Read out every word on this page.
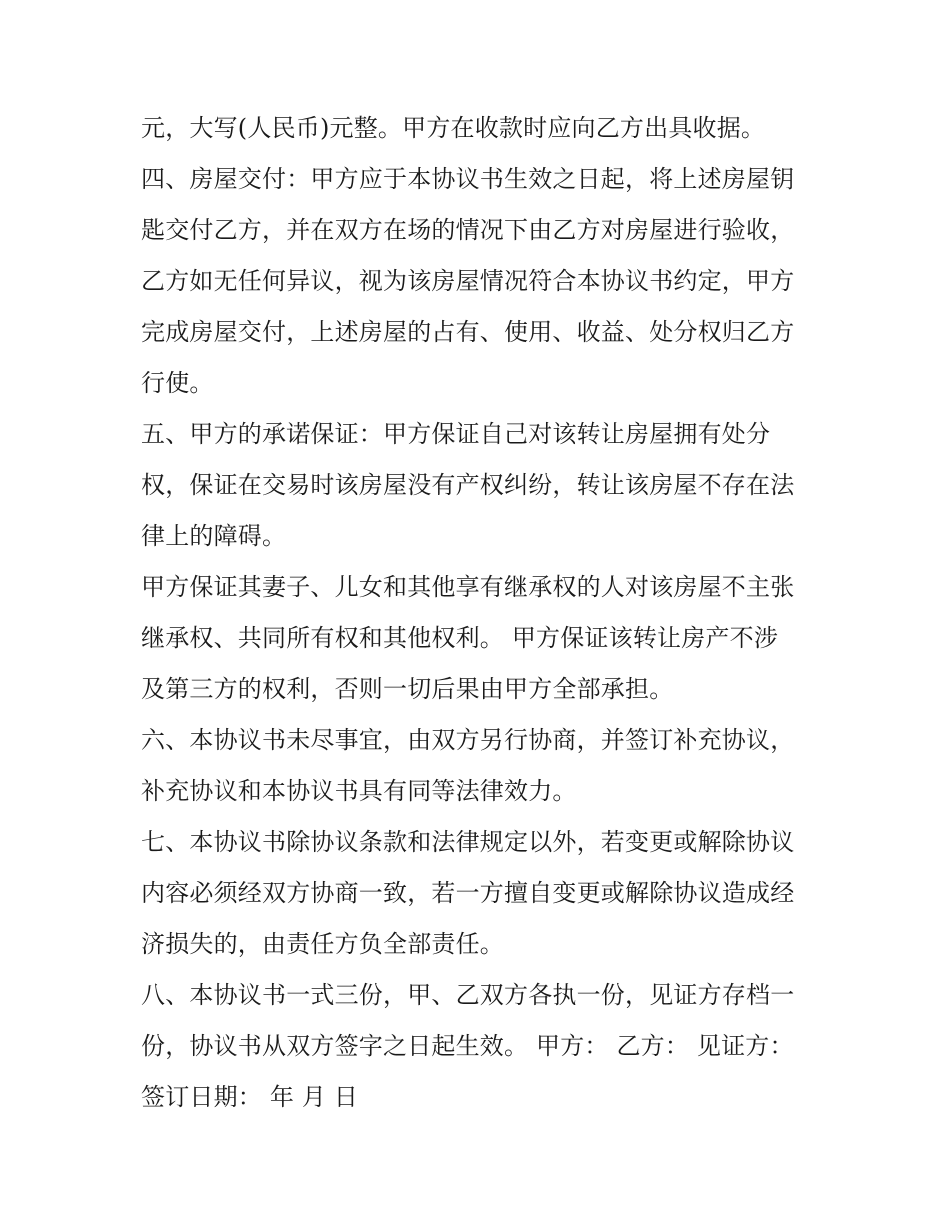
元，大写(人民币)元整。甲方在收款时应向乙方出具收据。
四、房屋交付：甲方应于本协议书生效之日起，将上述房屋钥
匙交付乙方，并在双方在场的情况下由乙方对房屋进行验收，
乙方如无任何异议，视为该房屋情况符合本协议书约定，甲方
完成房屋交付，上述房屋的占有、使用、收益、处分权归乙方
行使。
五、甲方的承诺保证：甲方保证自己对该转让房屋拥有处分
权，保证在交易时该房屋没有产权纠纷，转让该房屋不存在法
律上的障碍。
甲方保证其妻子、儿女和其他享有继承权的人对该房屋不主张
继承权、共同所有权和其他权利。 甲方保证该转让房产不涉
及第三方的权利，否则一切后果由甲方全部承担。
六、本协议书未尽事宜，由双方另行协商，并签订补充协议，
补充协议和本协议书具有同等法律效力。
七、本协议书除协议条款和法律规定以外，若变更或解除协议
内容必须经双方协商一致，若一方擅自变更或解除协议造成经
济损失的，由责任方负全部责任。
八、本协议书一式三份，甲、乙双方各执一份，见证方存档一
份，协议书从双方签字之日起生效。 甲方： 乙方： 见证方：
签订日期： 年 月 日
